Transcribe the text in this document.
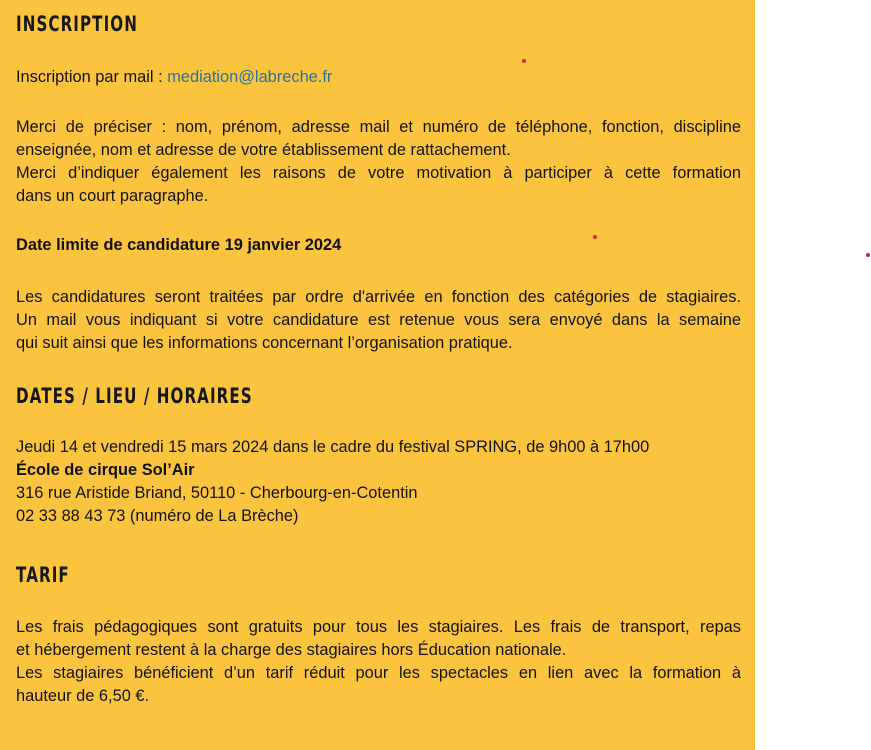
INSCRIPTION

Inscription par mail : mediation@labreche.fr

Merci de préciser : nom, prénom, adresse mail et numéro de téléphone, fonction, discipline
enseignée, nom et adresse de votre établissement de rattachement.
Merci d’indiquer également les raisons de votre motivation à participer à cette formation
dans un court paragraphe.
Date limite de candidature 19 janvier 2024
Les candidatures seront traitées par ordre d'arrivée en fonction des catégories de stagiaires.
Un mail vous indiquant si votre candidature est retenue vous sera envoyé dans la semaine
qui suit ainsi que les informations concernant l’organisation pratique.
DATES / LIEU / HORAIRES
Jeudi 14 et vendredi 15 mars 2024 dans le cadre du festival SPRING, de 9h00 à 17h00
École de cirque Sol’Air
316 rue Aristide Briand, 50110 - Cherbourg-en-Cotentin
02 33 88 43 73 (numéro de La Brèche)
TARIF
Les frais pédagogiques sont gratuits pour tous les stagiaires. Les frais de transport, repas
et hébergement restent à la charge des stagiaires hors Éducation nationale.
Les stagiaires bénéficient d’un tarif réduit pour les spectacles en lien avec la formation à
hauteur de 6,50 €.
